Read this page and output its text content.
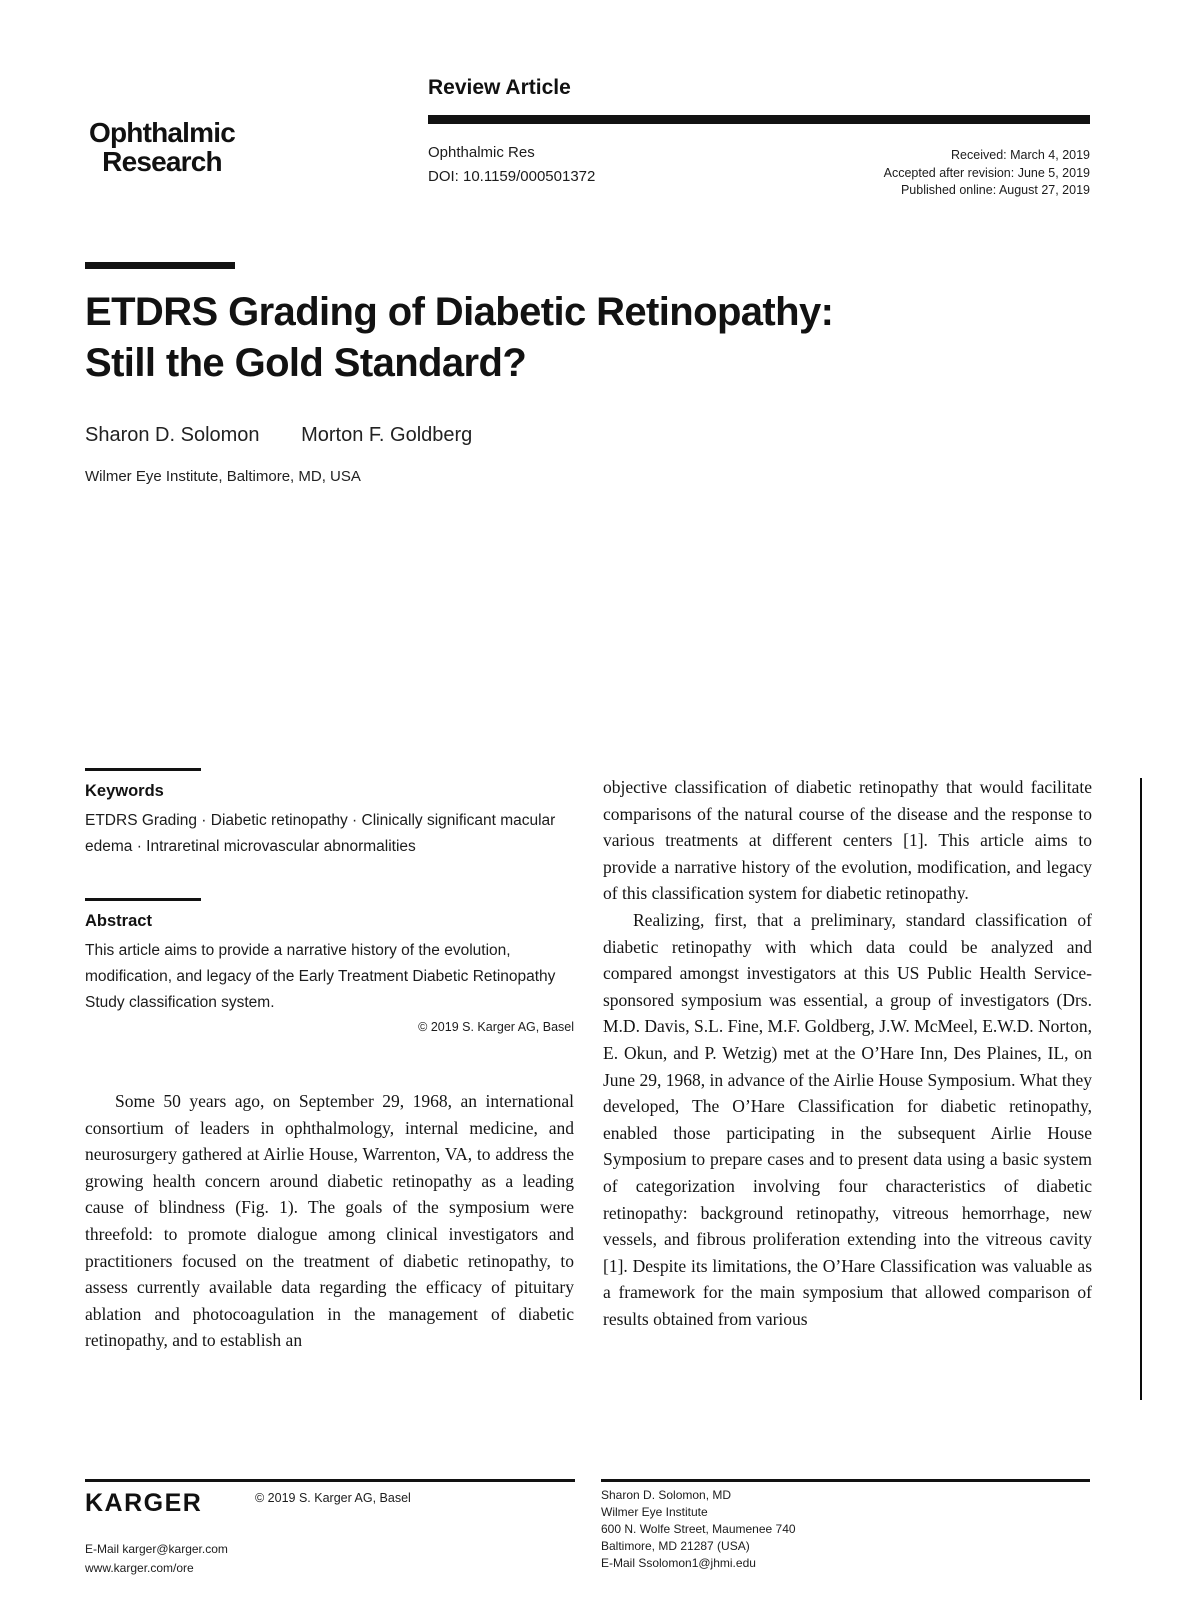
Ophthalmic
Research
Review Article
Ophthalmic Res
DOI: 10.1159/000501372
Received: March 4, 2019
Accepted after revision: June 5, 2019
Published online: August 27, 2019
ETDRS Grading of Diabetic Retinopathy:
Still the Gold Standard?
Sharon D. Solomon Morton F. Goldberg
Wilmer Eye Institute, Baltimore, MD, USA
Keywords

ETDRS Grading · Diabetic retinopathy · Clinically significant macular edema · Intraretinal microvascular abnormalities

Abstract

This article aims to provide a narrative history of the evolution, modification, and legacy of the Early Treatment Diabetic Retinopathy Study classification system.

© 2019 S. Karger AG, Basel

Some 50 years ago, on September 29, 1968, an international consortium of leaders in ophthalmology, internal medicine, and neurosurgery gathered at Airlie House, Warrenton, VA, to address the growing health concern around diabetic retinopathy as a leading cause of blindness (Fig. 1). The goals of the symposium were threefold: to promote dialogue among clinical investigators and practitioners focused on the treatment of diabetic retinopathy, to assess currently available data regarding the efficacy of pituitary ablation and photocoagulation in the management of diabetic retinopathy, and to establish an

objective classification of diabetic retinopathy that would facilitate comparisons of the natural course of the disease and the response to various treatments at different centers [1]. This article aims to provide a narrative history of the evolution, modification, and legacy of this classification system for diabetic retinopathy.

Realizing, first, that a preliminary, standard classification of diabetic retinopathy with which data could be analyzed and compared amongst investigators at this US Public Health Service-sponsored symposium was essential, a group of investigators (Drs. M.D. Davis, S.L. Fine, M.F. Goldberg, J.W. McMeel, E.W.D. Norton, E. Okun, and P. Wetzig) met at the O’Hare Inn, Des Plaines, IL, on June 29, 1968, in advance of the Airlie House Symposium. What they developed, The O’Hare Classification for diabetic retinopathy, enabled those participating in the subsequent Airlie House Symposium to prepare cases and to present data using a basic system of categorization involving four characteristics of diabetic retinopathy: background retinopathy, vitreous hemorrhage, new vessels, and fibrous proliferation extending into the vitreous cavity [1]. Despite its limitations, the O’Hare Classification was valuable as a framework for the main symposium that allowed comparison of results obtained from various

KARGER	© 2019 S. Karger AG, Basel
E-Mail karger@karger.com
www.karger.com/ore
Sharon D. Solomon, MD
Wilmer Eye Institute
600 N. Wolfe Street, Maumenee 740
Baltimore, MD 21287 (USA)
E-Mail Ssolomon1@jhmi.edu
